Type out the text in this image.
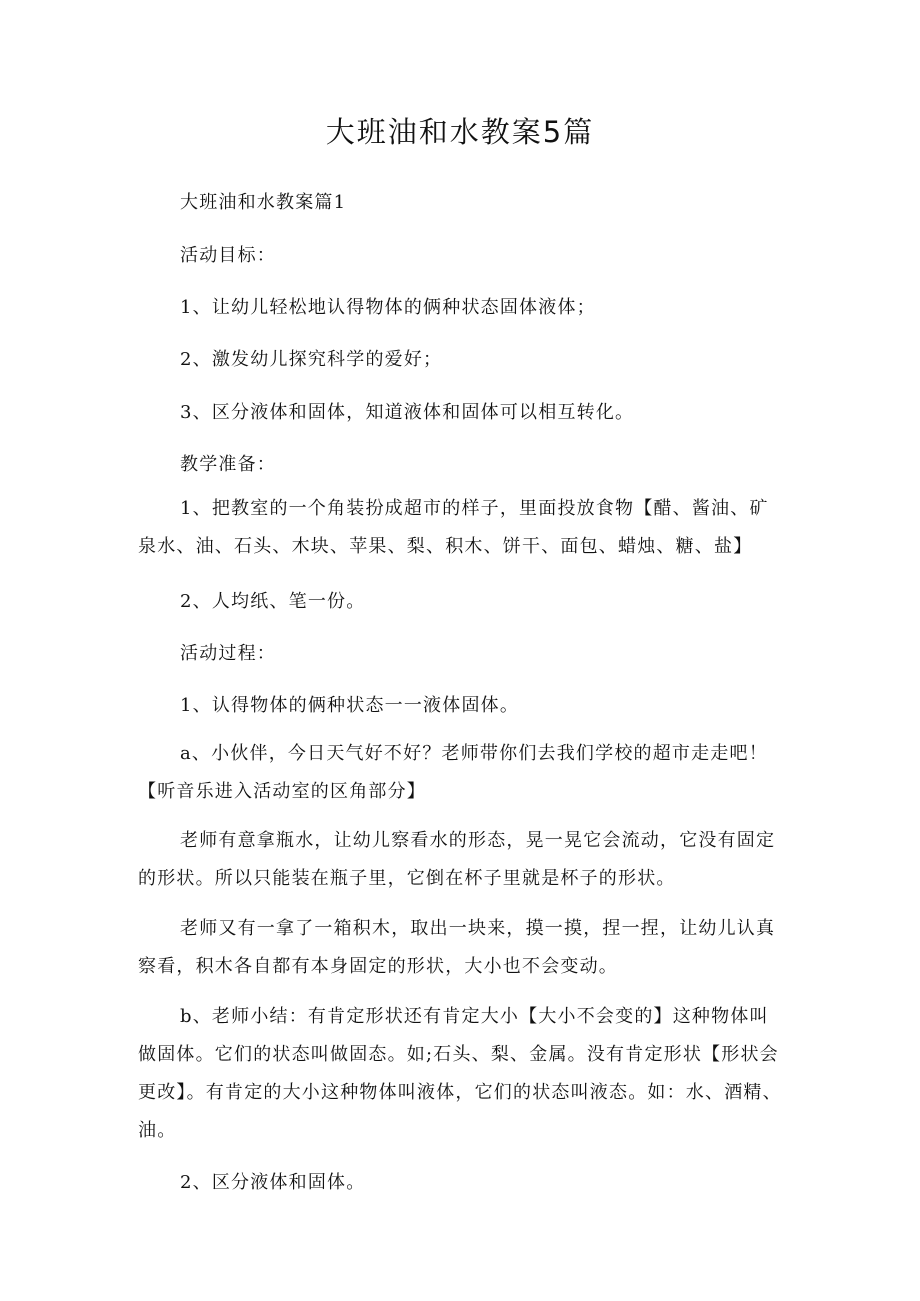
大班油和水教案5篇

大班油和水教案篇1

活动目标：

1、让幼儿轻松地认得物体的俩种状态固体液体；

2、激发幼儿探究科学的爱好；

3、区分液体和固体，知道液体和固体可以相互转化。

教学准备：

1、把教室的一个角装扮成超市的样子，里面投放食物【醋、酱油、矿泉水、油、石头、木块、苹果、梨、积木、饼干、面包、蜡烛、糖、盐】

2、人均纸、笔一份。

活动过程：

1、认得物体的俩种状态一一液体固体。

a、小伙伴，今日天气好不好？老师带你们去我们学校的超市走走吧！【听音乐进入活动室的区角部分】

老师有意拿瓶水，让幼儿察看水的形态，晃一晃它会流动，它没有固定的形状。所以只能装在瓶子里，它倒在杯子里就是杯子的形状。

老师又有一拿了一箱积木，取出一块来，摸一摸，捏一捏，让幼儿认真察看，积木各自都有本身固定的形状，大小也不会变动。

b、老师小结：有肯定形状还有肯定大小【大小不会变的】这种物体叫做固体。它们的状态叫做固态。如;石头、梨、金属。没有肯定形状【形状会更改】。有肯定的大小这种物体叫液体，它们的状态叫液态。如：水、酒精、油。

2、区分液体和固体。
